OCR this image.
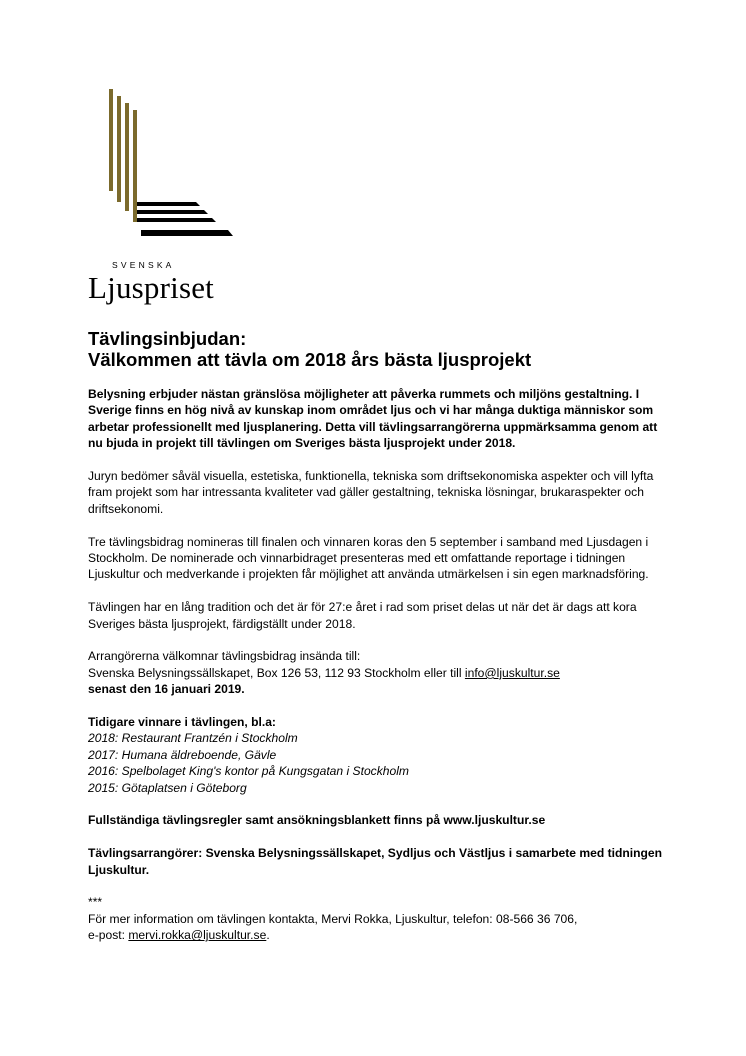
SVENSKA
Ljuspriset
Tävlingsinbjudan:
Välkommen att tävla om 2018 års bästa ljusprojekt

Belysning erbjuder nästan gränslösa möjligheter att påverka rummets och miljöns gestaltning. I Sverige finns en hög nivå av kunskap inom området ljus och vi har många duktiga människor som arbetar professionellt med ljusplanering. Detta vill tävlingsarrangörerna uppmärksamma genom att nu bjuda in projekt till tävlingen om Sveriges bästa ljusprojekt under 2018.

Juryn bedömer såväl visuella, estetiska, funktionella, tekniska som driftsekonomiska aspekter och vill lyfta fram projekt som har intressanta kvaliteter vad gäller gestaltning, tekniska lösningar, brukaraspekter och driftsekonomi.

Tre tävlingsbidrag nomineras till finalen och vinnaren koras den 5 september i samband med Ljusdagen i Stockholm. De nominerade och vinnarbidraget presenteras med ett omfattande reportage i tidningen Ljuskultur och medverkande i projekten får möjlighet att använda utmärkelsen i sin egen marknadsföring.

Tävlingen har en lång tradition och det är för 27:e året i rad som priset delas ut när det är dags att kora Sveriges bästa ljusprojekt, färdigställt under 2018.

Arrangörerna välkomnar tävlingsbidrag insända till:

Svenska Belysningssällskapet, Box 126 53, 112 93 Stockholm eller till info@ljuskultur.se

senast den 16 januari 2019.

Tidigare vinnare i tävlingen, bl.a:

2018: Restaurant Frantzén i Stockholm

2017: Humana äldreboende, Gävle

2016: Spelbolaget King's kontor på Kungsgatan i Stockholm

2015: Götaplatsen i Göteborg

Fullständiga tävlingsregler samt ansökningsblankett finns på www.ljuskultur.se

Tävlingsarrangörer: Svenska Belysningssällskapet, Sydljus och Västljus i samarbete med tidningen Ljuskultur.

***

För mer information om tävlingen kontakta, Mervi Rokka, Ljuskultur, telefon: 08-566 36 706,

e-post: mervi.rokka@ljuskultur.se.
